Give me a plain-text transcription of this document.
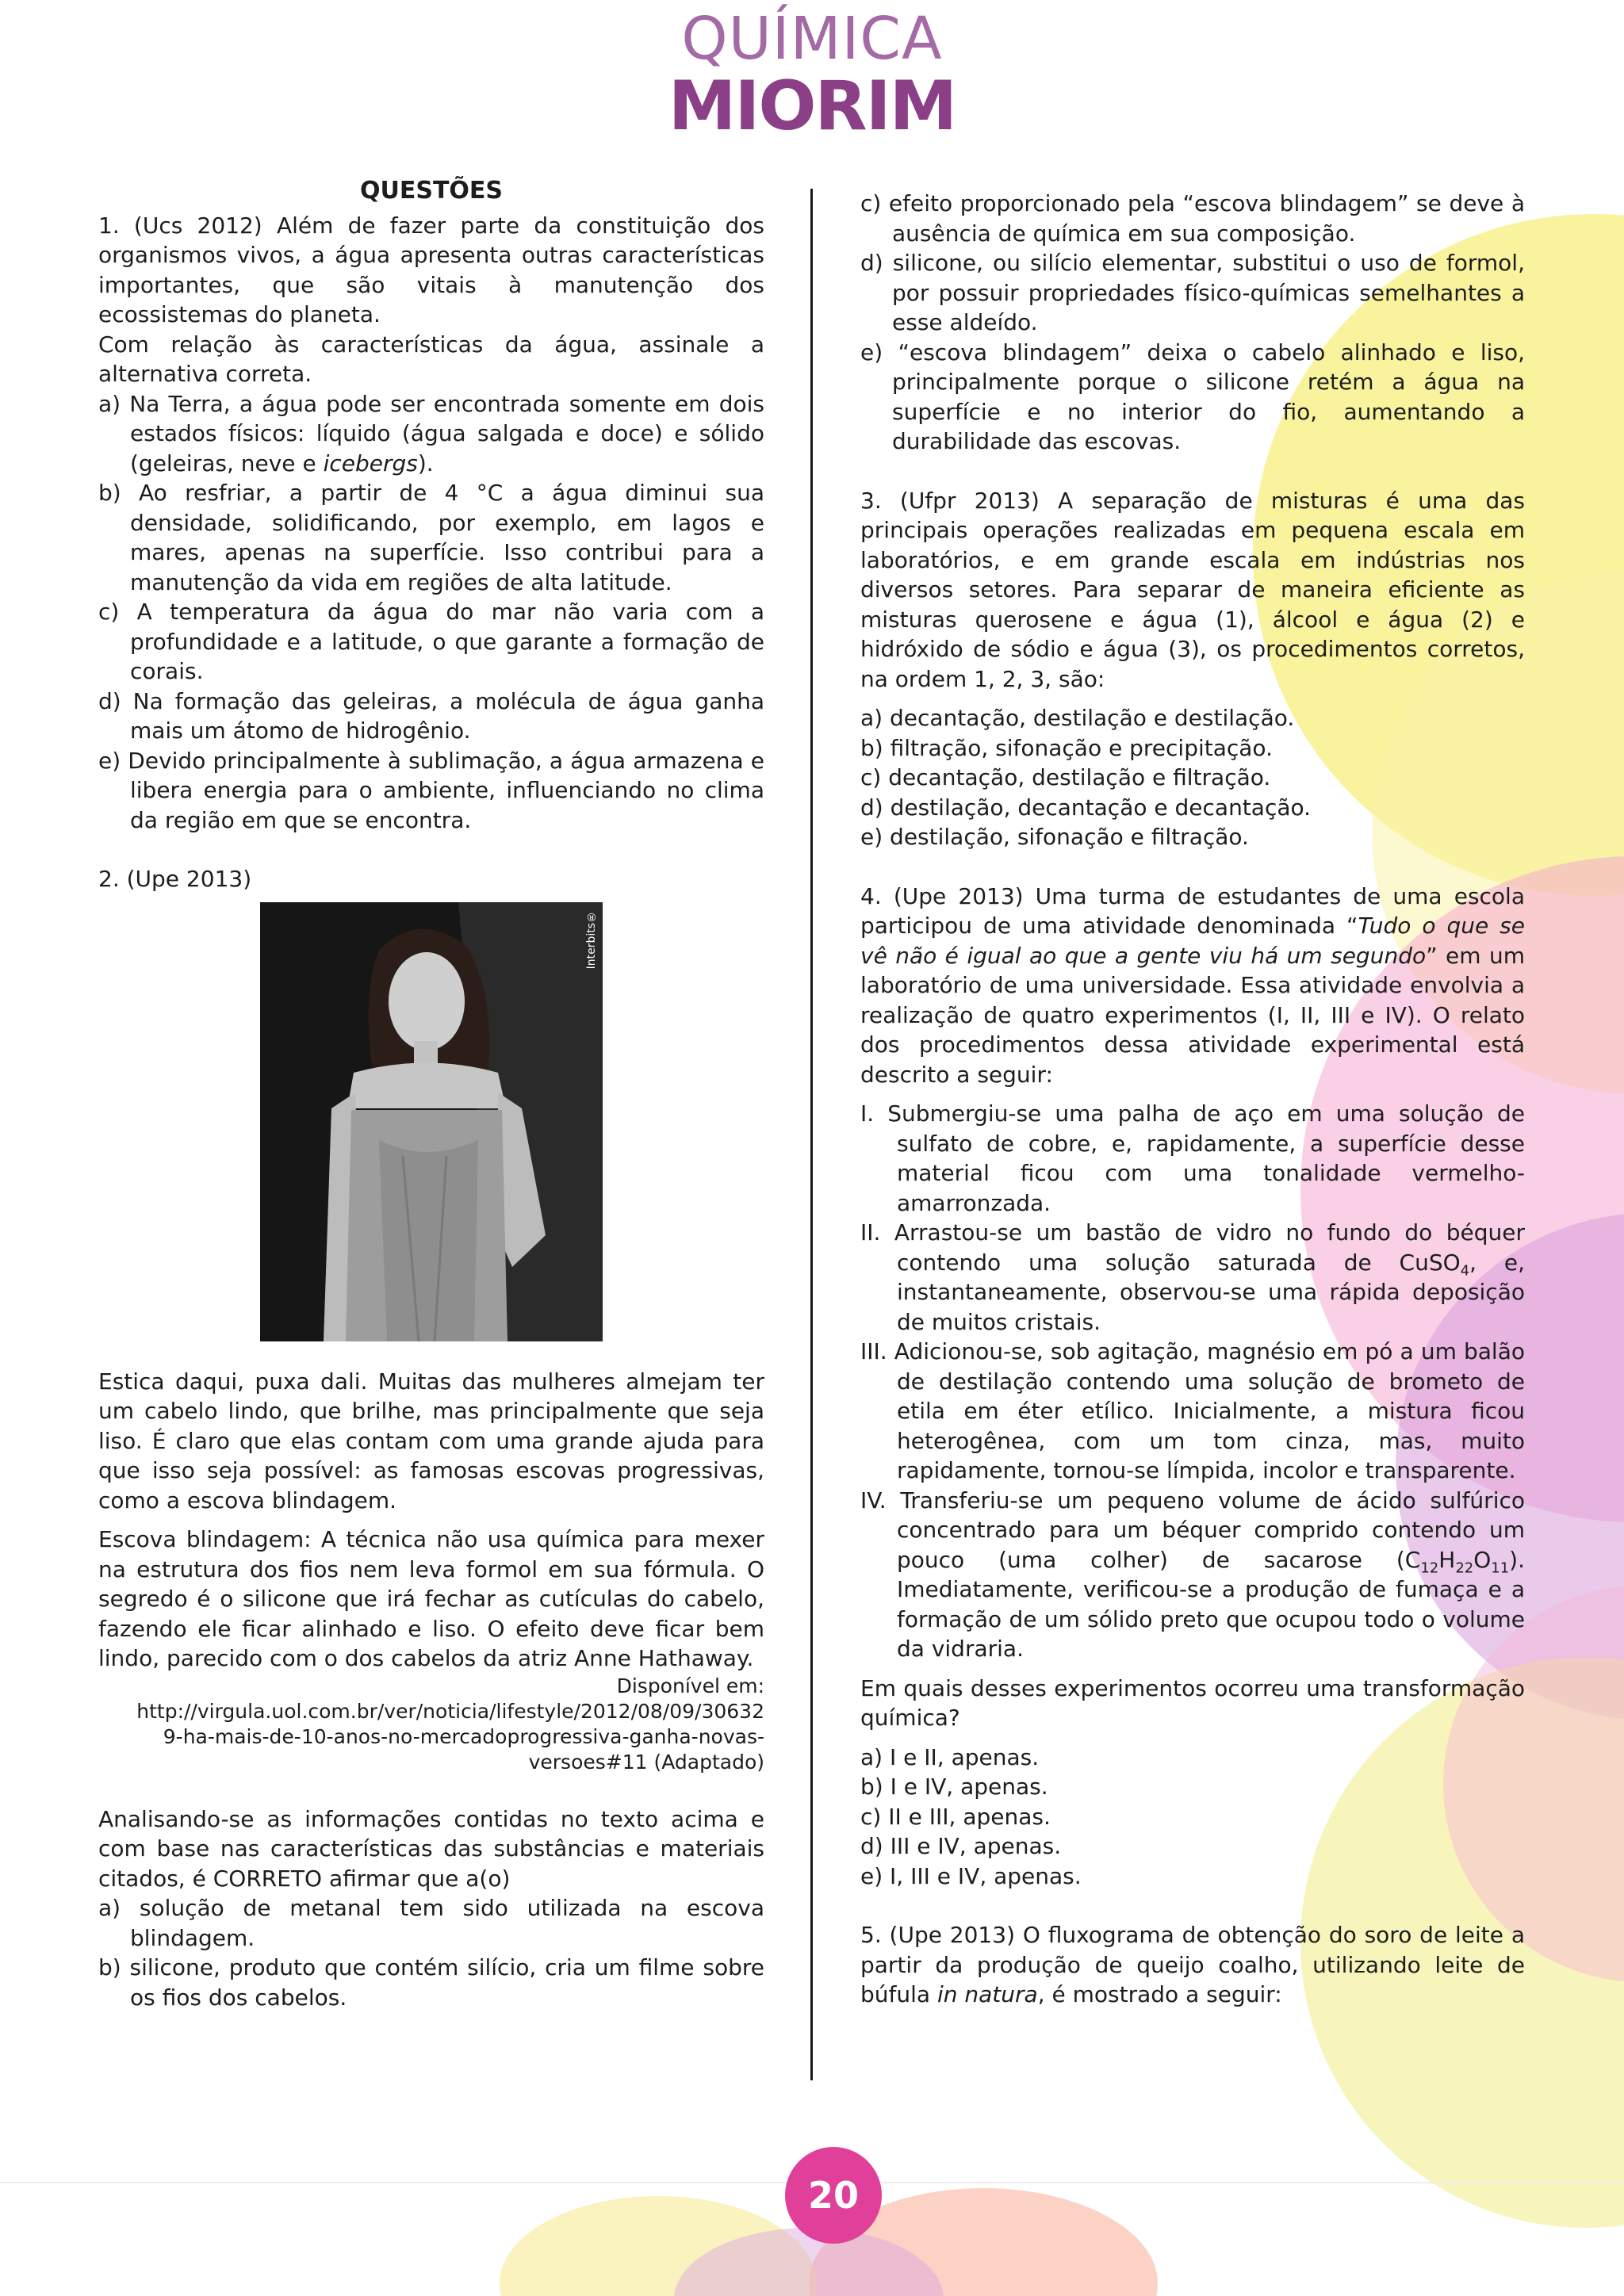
QUÍMICA
MIORIM

QUESTÕES

1. (Ucs 2012) Além de fazer parte da constituição dos organismos vivos, a água apresenta outras características importantes, que são vitais à manutenção dos ecossistemas do planeta.

Com relação às características da água, assinale a alternativa correta.

a) Na Terra, a água pode ser encontrada somente em dois estados físicos: líquido (água salgada e doce) e sólido (geleiras, neve e icebergs).

b) Ao resfriar, a partir de 4 °C a água diminui sua densidade, solidificando, por exemplo, em lagos e mares, apenas na superfície. Isso contribui para a manutenção da vida em regiões de alta latitude.

c) A temperatura da água do mar não varia com a profundidade e a latitude, o que garante a formação de corais.

d) Na formação das geleiras, a molécula de água ganha mais um átomo de hidrogênio.

e) Devido principalmente à sublimação, a água armazena e libera energia para o ambiente, influenciando no clima da região em que se encontra.

2. (Upe 2013)

Interbits®

Estica daqui, puxa dali. Muitas das mulheres almejam ter um cabelo lindo, que brilhe, mas principalmente que seja liso. É claro que elas contam com uma grande ajuda para que isso seja possível: as famosas escovas progressivas, como a escova blindagem.

Escova blindagem: A técnica não usa química para mexer na estrutura dos fios nem leva formol em sua fórmula. O segredo é o silicone que irá fechar as cutículas do cabelo, fazendo ele ficar alinhado e liso. O efeito deve ficar bem lindo, parecido com o dos cabelos da atriz Anne Hathaway.

Disponível em:

http://virgula.uol.com.br/ver/noticia/lifestyle/2012/08/09/30632

9-ha-mais-de-10-anos-no-mercadoprogressiva-ganha-novas-

versoes#11 (Adaptado)

Analisando-se as informações contidas no texto acima e com base nas características das substâncias e materiais citados, é CORRETO afirmar que a(o)

a) solução de metanal tem sido utilizada na escova blindagem.

b) silicone, produto que contém silício, cria um filme sobre os fios dos cabelos.

c) efeito proporcionado pela “escova blindagem” se deve à ausência de química em sua composição.

d) silicone, ou silício elementar, substitui o uso de formol, por possuir propriedades físico-químicas semelhantes a esse aldeído.

e) “escova blindagem” deixa o cabelo alinhado e liso, principalmente porque o silicone retém a água na superfície e no interior do fio, aumentando a durabilidade das escovas.

3. (Ufpr 2013) A separação de misturas é uma das principais operações realizadas em pequena escala em laboratórios, e em grande escala em indústrias nos diversos setores. Para separar de maneira eficiente as misturas querosene e água (1), álcool e água (2) e hidróxido de sódio e água (3), os procedimentos corretos, na ordem 1, 2, 3, são:

a) decantação, destilação e destilação.

b) filtração, sifonação e precipitação.

c) decantação, destilação e filtração.

d) destilação, decantação e decantação.

e) destilação, sifonação e filtração.

4. (Upe 2013) Uma turma de estudantes de uma escola participou de uma atividade denominada “Tudo o que se vê não é igual ao que a gente viu há um segundo” em um laboratório de uma universidade. Essa atividade envolvia a realização de quatro experimentos (I, II, III e IV). O relato dos procedimentos dessa atividade experimental está descrito a seguir:

I. Submergiu-se uma palha de aço em uma solução de sulfato de cobre, e, rapidamente, a superfície desse material ficou com uma tonalidade vermelho-amarronzada.

II. Arrastou-se um bastão de vidro no fundo do béquer contendo uma solução saturada de CuSO$_4$, e, instantaneamente, observou-se uma rápida deposição de muitos cristais.

III. Adicionou-se, sob agitação, magnésio em pó a um balão de destilação contendo uma solução de brometo de etila em éter etílico. Inicialmente, a mistura ficou heterogênea, com um tom cinza, mas, muito rapidamente, tornou-se límpida, incolor e transparente.

IV. Transferiu-se um pequeno volume de ácido sulfúrico concentrado para um béquer comprido contendo um pouco (uma colher) de sacarose $(C_{12}H_{22}O_{11})$. Imediatamente, verificou-se a produção de fumaça e a formação de um sólido preto que ocupou todo o volume da vidraria.

Em quais desses experimentos ocorreu uma transformação química?

a) I e II, apenas.

b) I e IV, apenas.

c) II e III, apenas.

d) III e IV, apenas.

e) I, III e IV, apenas.

5. (Upe 2013) O fluxograma de obtenção do soro de leite a partir da produção de queijo coalho, utilizando leite de búfula in natura, é mostrado a seguir:

20
